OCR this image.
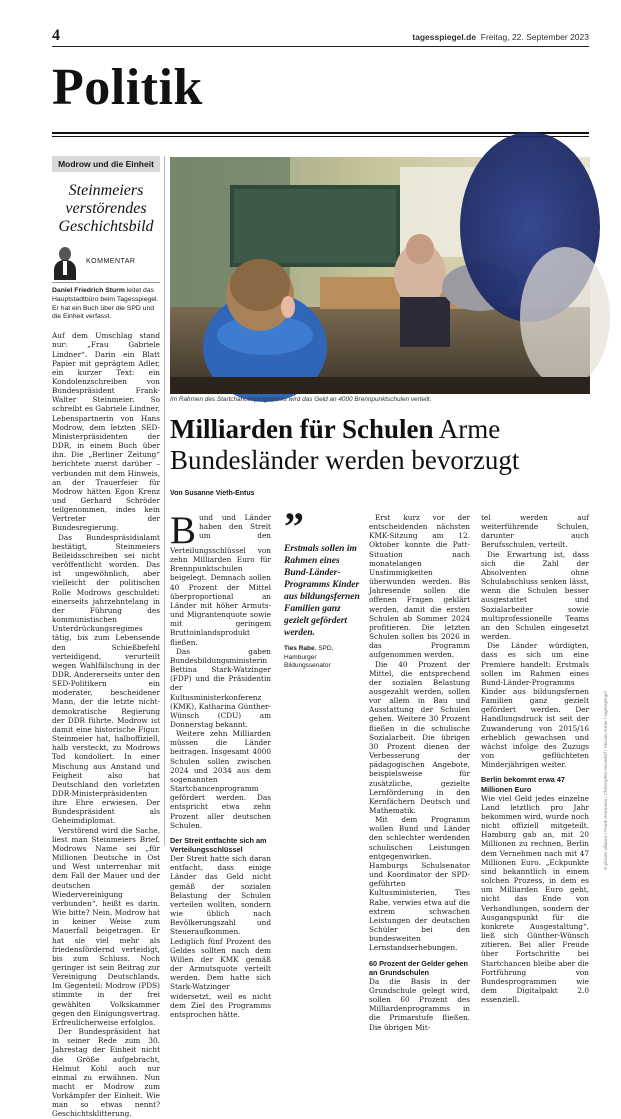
4	tagesspiegel.de Freitag, 22. September 2023
Politik
Modrow und die Einheit
Steinmeiers verstörendes Geschichtsbild
KOMMENTAR
Daniel Friedrich Sturm leitet das Hauptstadtbüro beim Tagesspiegel. Er hat ein Buch über die SPD und die Einheit verfasst.

Auf dem Umschlag stand nur: „Frau Gabriele Lindner“. Darin ein Blatt Papier mit geprägtem Adler, ein kurzer Text: ein Kondolenzschreiben von Bundespräsident Frank-Walter Steinmeier. So schreibt es Gabriele Lindner, Lebenspartnerin von Hans Modrow, dem letzten SED-Ministerpräsidenten der DDR, in einem Buch über ihn. Die „Berliner Zeitung“ berichtete zuerst darüber – verbunden mit dem Hinweis, an der Trauerfeier für Modrow hätten Egon Krenz und Gerhard Schröder teilgenommen, indes kein Vertreter der Bundesregierung.

Das Bundespräsidialamt bestätigt, Steinmeiers Beileidsschreiben sei nicht veröffentlicht worden. Das ist ungewöhnlich, aber vielleicht der politischen Rolle Modrows geschuldet: einerseits jahrzehntelang in der Führung des kommunistischen Unterdrückungsregimes tätig, bis zum Lebensende den Schießbefehl verteidigend, verurteilt wegen Wahlfälschung in der DDR. Andererseits unter den SED-Politikern ein moderater, bescheidener Mann, der die letzte nicht-demokratische Regierung der DDR führte. Modrow ist damit eine historische Figur. Steinmeier hat, halboffiziell, halb versteckt, zu Modrows Tod kondoliert. In einer Mischung aus Anstand und Feigheit also hat Deutschland den vorletzten DDR-Ministerpräsidenten ihre Ehre erwiesen. Der Bundespräsident als Geheimdiplomat.

Verstörend wird die Sache, liest man Steinmeiers Brief. Modrows Name sei „für Millionen Deutsche in Ost und West unterrenhar mit dem Fall der Mauer und der deutschen Wiedervereinigung verbunden“, heißt es darin. Wie bitte? Nein, Modrow hat in keiner Weise zum Mauerfall beigetragen. Er hat sie viel mehr als friedensfördernd verteidigt, bis zum Schluss. Noch geringer ist sein Beitrag zur Vereinigung Deutschlands. Im Gegenteil: Modrow (PDS) stimmte in der frei gewählten Volkskammer gegen den Einigungsvertrag. Erfreulicherweise erfolglos.

Der Bundespräsident hat in seiner Rede zum 30. Jahrestag der Einheit nicht die Größe aufgebracht, Helmut Kohl auch nur einmal zu erwähnen. Nun macht er Modrow zum Vorkämpfer der Einheit. Wie man so etwas nennt? Geschichtsklitterung.

Im Rahmen des Startchancenprogramms wird das Geld an 4000 Brennpunktschulen verteilt.
Milliarden für Schulen Arme Bundesländer werden bevorzugt
Von Susanne Vieth-Entus

Bund und Länder haben den Streit um den Verteilungsschlüssel von zehn Milliarden Euro für Brennpunktschulen beigelegt. Demnach sollen 40 Prozent der Mittel überproportional an Länder mit höher Armuts- und Migrantenquote sowie mit geringem Bruttoinlandsprodukt fließen.

Das gaben Bundesbildungsministerin Bettina Stark-Watzinger (FDP) und die Präsidentin der Kultusministerkonferenz (KMK), Katharina Günther-Wünsch (CDU) am Donnerstag bekannt.

Weitere zehn Milliarden müssen die Länder beitragen. Insgesamt 4000 Schulen sollen zwischen 2024 und 2034 aus dem sogenannten Startchancenprogramm gefördert werden. Das entspricht etwa zehn Prozent aller deutschen Schulen.

Der Streit entfachte sich am Verteilungsschlüssel

Der Streit hatte sich daran entfacht, dass einige Länder das Geld nicht gemäß der sozialen Belastung der Schulen verteilen wollten, sondern wie üblich nach Bevölkerungszahl und Steueraufkommen. Lediglich fünf Prozent des Geldes sollten nach dem Willen der KMK gemäß der Armutsquote verteilt werden. Dem hatte sich Stark-Watzinger widersetzt, weil es nicht dem Ziel des Programms entsprochen hätte.

”
Erstmals sollen im Rahmen eines Bund-Länder-Programms Kinder aus bildungsfernen Familien ganz gezielt gefördert werden.
Ties Rabe, SPD, Hamburger Bildungssenator

Erst kurz vor der entscheidenden nächsten KMK-Sitzung am 12. Oktober konnte die Patt-Situation nach monatelangen Unstimmigkeiten überwunden werden. Bis Jahresende sollen die offenen Fragen geklärt werden, damit die ersten Schulen ab Sommer 2024 profitieren. Die letzten Schulen sollen bis 2026 in das Programm aufgenommen werden.

Die 40 Prozent der Mittel, die entsprechend der sozialen Belastung ausgezahlt werden, sollen vor allem in Bau und Ausstattung der Schulen gehen. Weitere 30 Prozent fließen in die schulische Sozialarbeit. Die übrigen 30 Prozent dienen der Verbesserung der pädagogischen Angebote, beispielsweise für zusätzliche, gezielte Lernförderung in den Kernfächern Deutsch und Mathematik.

Mit dem Programm wollen Bund und Länder den schlechter werdenden schulischen Leistungen entgegenwirken. Hamburgs Schulsenator und Koordinator der SPD-geführten Kultusministerien, Ties Rabe, verwies etwa auf die extrem schwachen Leistungen der deutschen Schüler bei den bundesweiten Lernstandserhebungen.

60 Prozent der Gelder gehen an Grundschulen

Da die Basis in der Grundschule gelegt wird, sollen 60 Prozent des Milliardenprogramms in die Primarstufe fließen. Die übrigen Mit-

tel werden auf weiterführende Schulen, darunter auch Berufsschulen, verteilt.

Die Erwartung ist, dass sich die Zahl der Absolventen ohne Schulabschluss senken lässt, wenn die Schulen besser ausgestattet und Sozialarbeiter sowie multiprofessionelle Teams an den Schulen eingesetzt werden.

Die Länder würdigten, dass es sich um eine Premiere handelt: Erstmals sollen im Rahmen eines Bund-Länder-Programms Kinder aus bildungsfernen Familien ganz gezielt gefördert werden. Der Handlungsdruck ist seit der Zuwanderung von 2015/16 erheblich gewachsen und wächst infolge des Zuzugs von geflüchteten Minderjährigen weiter.

Berlin bekommt erwa 47 Millionen Euro

Wie viel Geld jedes einzelne Land letztlich pro Jahr bekommen wird, wurde noch nicht offiziell mitgeteilt. Hamburg gab an, mit 20 Millionen zu rechnen, Berlin dem Vernehmen nach mit 47 Millionen Euro. „Eckpunkte sind bekanntlich in einem solchen Prozess, in dem es um Milliarden Euro geht, nicht das Ende von Verhandlungen, sondern der Ausgangspunkt für die konkrete Ausgestaltung“, ließ sich Günther-Wünsch zitieren. Bei aller Freude über Fortschritte bei Startchancen bleibe aber die Fortführung von Bundesprogrammen wie dem Digitalpakt 2.0 essenziell.

© picture alliance / Frank Herrmann / Christopher Neundorf / Nicolas Armer / tagesspiegel
